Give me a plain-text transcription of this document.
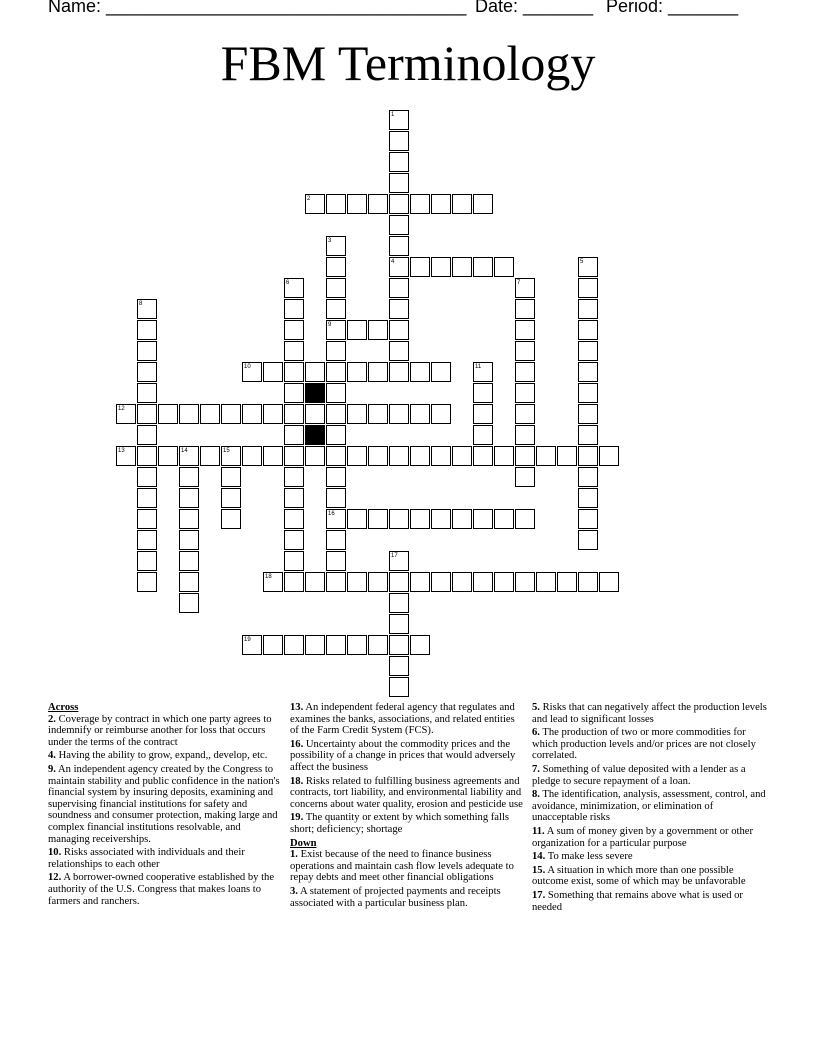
Name: ____________________________________ Date: _______ Period: _______
FBM Terminology
1
2
3
4	5
6	7
8
9
10	11
12
13	14	15
16
17
18
19
Across
2. Coverage by contract in which one party agrees to indemnify or reimburse another for loss that occurs under the terms of the contract
4. Having the ability to grow, expand,, develop, etc.
9. An independent agency created by the Congress to maintain stability and public confidence in the nation's financial system by insuring deposits, examining and supervising financial institutions for safety and soundness and consumer protection, making large and complex financial institutions resolvable, and managing receiverships.
10. Risks associated with individuals and their relationships to each other
12. A borrower-owned cooperative established by the authority of the U.S. Congress that makes loans to farmers and ranchers.
13. An independent federal agency that regulates and examines the banks, associations, and related entities of the Farm Credit System (FCS).
16. Uncertainty about the commodity prices and the possibility of a change in prices that would adversely affect the business
18. Risks related to fulfilling business agreements and contracts, tort liability, and environmental liability and concerns about water quality, erosion and pesticide use
19. The quantity or extent by which something falls short; deficiency; shortage
Down
1. Exist because of the need to finance business operations and maintain cash flow levels adequate to repay debts and meet other financial obligations
3. A statement of projected payments and receipts associated with a particular business plan.
5. Risks that can negatively affect the production levels and lead to significant losses
6. The production of two or more commodities for which production levels and/or prices are not closely correlated.
7. Something of value deposited with a lender as a pledge to secure repayment of a loan.
8. The identification, analysis, assessment, control, and avoidance, minimization, or elimination of unacceptable risks
11. A sum of money given by a government or other organization for a particular purpose
14. To make less severe
15. A situation in which more than one possible outcome exist, some of which may be unfavorable
17. Something that remains above what is used or needed
